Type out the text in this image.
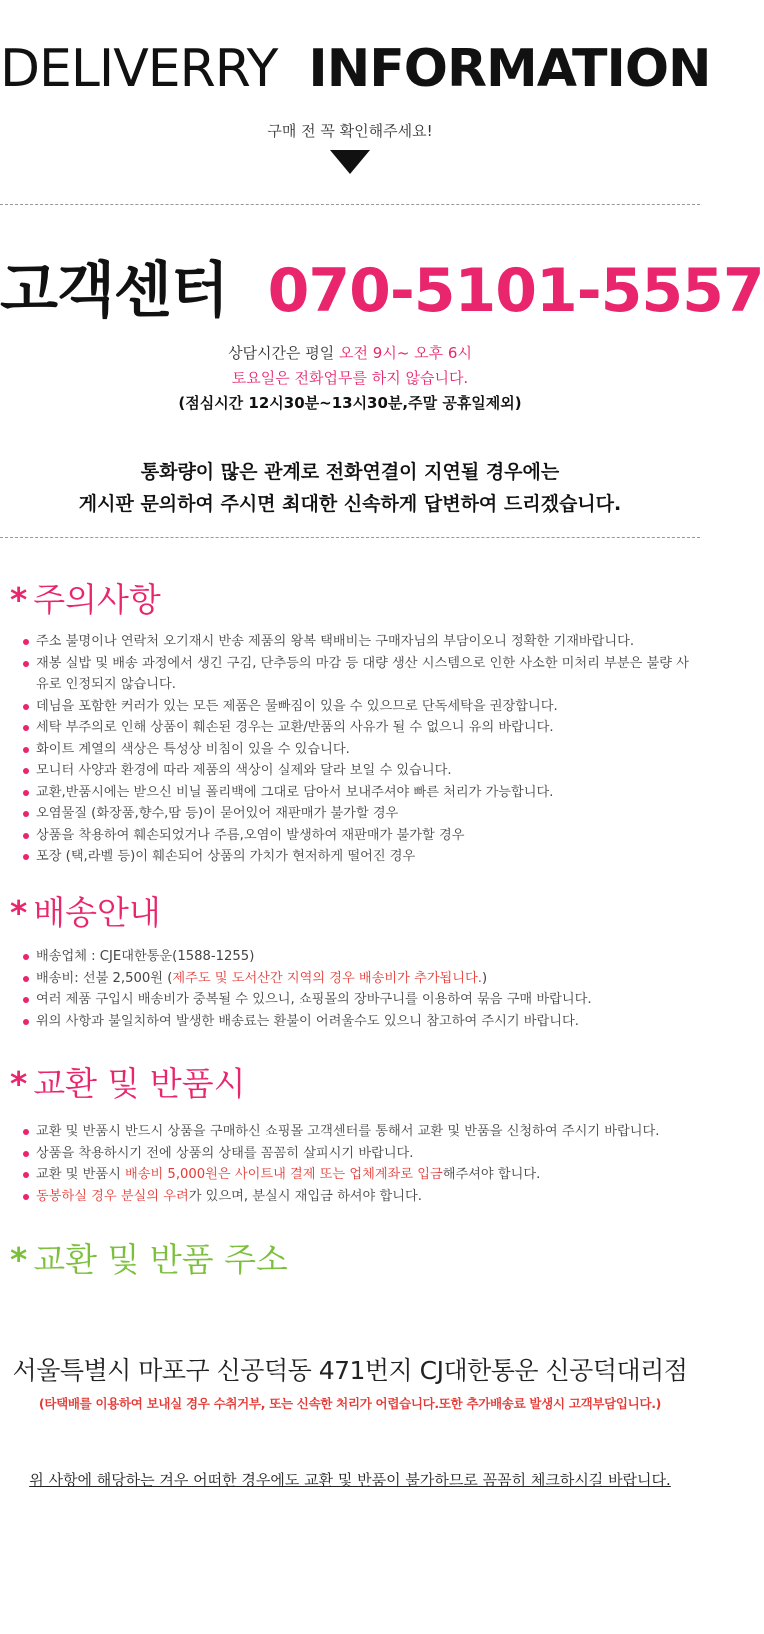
DELIVERRY INFORMATION
구매 전 꼭 확인해주세요!
고객센터 070-5101-5557
상담시간은 평일 오전 9시~ 오후 6시
토요일은 전화업무를 하지 않습니다.
(점심시간 12시30분~13시30분,주말 공휴일제외)
통화량이 많은 관계로 전화연결이 지연될 경우에는
게시판 문의하여 주시면 최대한 신속하게 답변하여 드리겠습니다.
* 주의사항
주소 불명이나 연락처 오기재시 반송 제품의 왕복 택배비는 구매자님의 부담이오니 정확한 기재바랍니다.
재봉 실밥 및 배송 과정에서 생긴 구김, 단추등의 마감 등 대량 생산 시스템으로 인한 사소한 미처리 부분은 불량 사유로 인정되지 않습니다.
데님을 포함한 커러가 있는 모든 제품은 물빠짐이 있을 수 있으므로 단독세탁을 권장합니다.
세탁 부주의로 인해 상품이 훼손된 경우는 교환/반품의 사유가 될 수 없으니 유의 바랍니다.
화이트 계열의 색상은 특성상 비침이 있을 수 있습니다.
모니터 사양과 환경에 따라 제품의 색상이 실제와 달라 보일 수 있습니다.
교환,반품시에는 받으신 비닐 폴리백에 그대로 담아서 보내주셔야 빠른 처리가 가능합니다.
오염물질 (화장품,향수,땀 등)이 묻어있어 재판매가 불가할 경우
상품을 착용하여 훼손되었거나 주름,오염이 발생하여 재판매가 불가할 경우
포장 (택,라벨 등)이 훼손되어 상품의 가치가 현저하게 떨어진 경우
* 배송안내
배송업체 : CJE대한통운(1588-1255)
배송비: 선불 2,500원 (제주도 및 도서산간 지역의 경우 배송비가 추가됩니다.)
여러 제품 구입시 배송비가 중복될 수 있으니, 쇼핑몰의 장바구니를 이용하여 묶음 구매 바랍니다.
위의 사항과 불일치하여 발생한 배송료는 환불이 어려울수도 있으니 참고하여 주시기 바랍니다.
* 교환 및 반품시
교환 및 반품시 반드시 상품을 구매하신 쇼핑몰 고객센터를 통해서 교환 및 반품을 신청하여 주시기 바랍니다.
상품을 착용하시기 전에 상품의 상태를 꼼꼼히 살피시기 바랍니다.
교환 및 반품시 배송비 5,000원은 사이트내 결제 또는 업체계좌로 입금해주셔야 합니다.
동봉하실 경우 분실의 우려가 있으며, 분실시 재입금 하셔야 합니다.
* 교환 및 반품 주소
서울특별시 마포구 신공덕동 471번지 CJ대한통운 신공덕대리점
(타택배를 이용하여 보내실 경우 수취거부, 또는 신속한 처리가 어렵습니다.또한 추가배송료 발생시 고객부담입니다.)
위 사항에 해당하는 겨우 어떠한 경우에도 교환 및 반품이 불가하므로 꼼꼼히 체크하시길 바랍니다.
